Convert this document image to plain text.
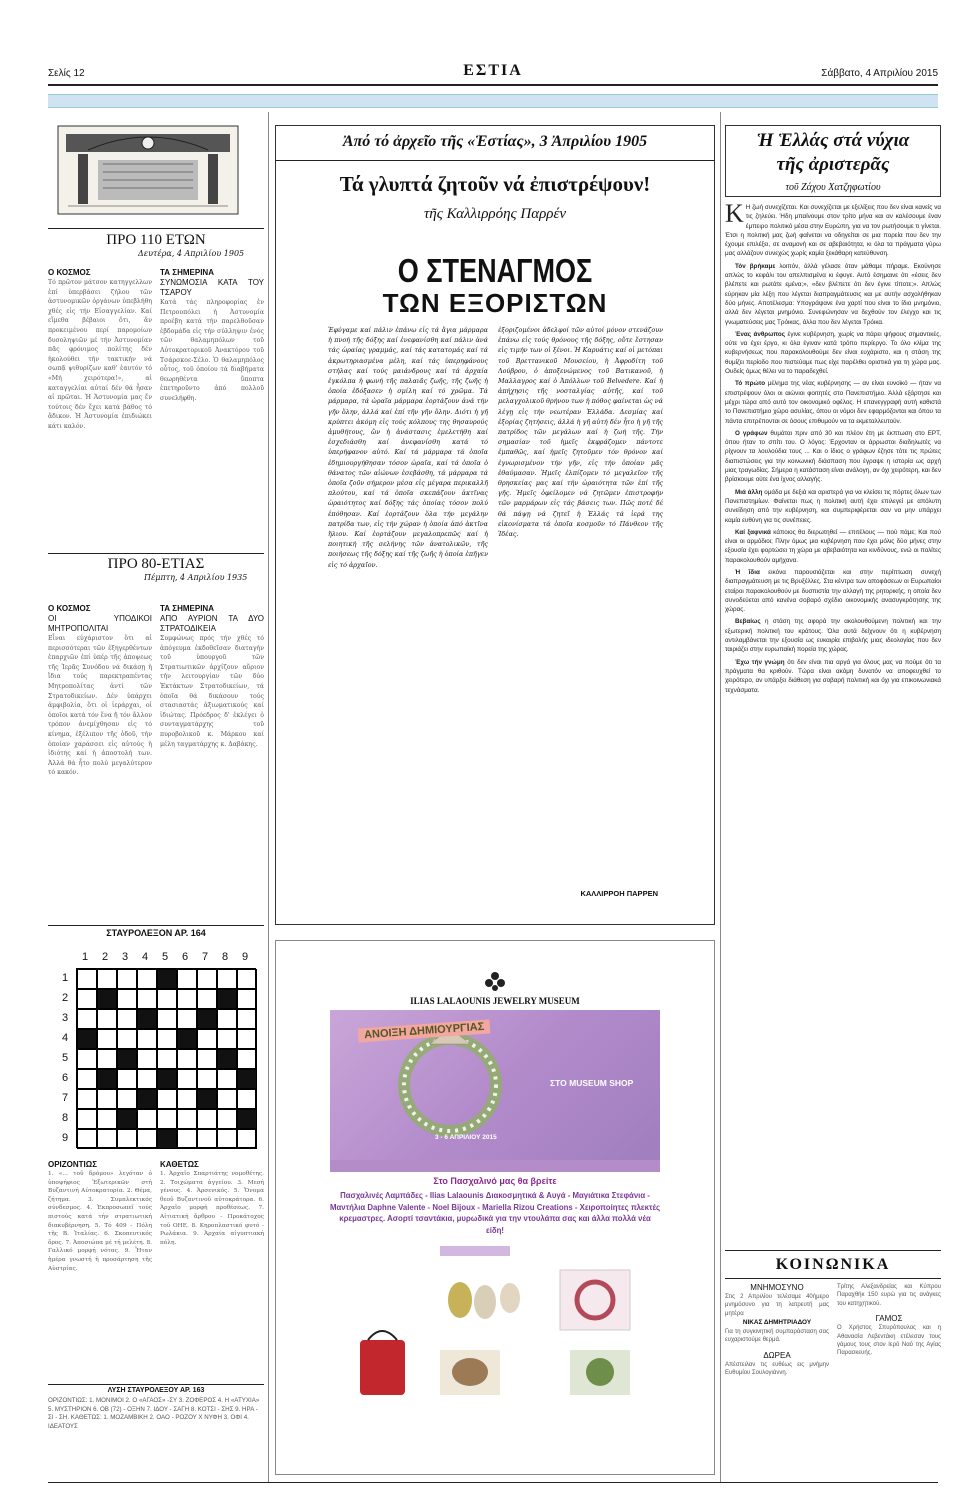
Σελίς 12	ΕΣΤΙΑ	Σάββατο, 4 Απριλίου 2015
ΠΡΟ 110 ΕΤΩΝ
Δευτέρα, 4 Απριλίου 1905
Ο ΚΟΣΜΟΣ

Τό πρῶτον μάτσον κατηγγελλων ἐπί ὑπερβάσει ζήλου τῶν ἀστυνομικῶν ὀργάνων ὑπεβλήθη χθές εἰς τήν Εἰσαγγελίαν. Καί εἴμεθα βέβαιοι ὅτι, ἄν προκειμένου περί παρομοίων δυσοληψιῶν μέ τήν Ἀστυνομίαν πᾶς φρόνιμος πολίτης δέν ἠκολούθει τήν τακτικήν νά σωπᾷ ψιθυρίζων καθ' ἑαυτόν τό «Μή χειρότερα!», αἱ καταγγελίαι αὐταί δέν θά ἦσαν αἱ πρῶται. Ἡ Ἀστυνομία μας ἔν τούτοις δέν ἔχει κατά βάθος τό ἄδικον. Ἡ Ἀστυνομία ἐπιδιώκει κάτι καλόν.

ΤΑ ΣΗΜΕΡΙΝΑ
ΣΥΝΩΜΟΣΙΑ ΚΑΤΑ ΤΟΥ ΤΣΑΡΟΥ

Κατά τάς πληροφορίας ἐν Πετρουπόλει ἡ Ἀστυνομία προέβη κατά τήν παρελθοῦσαν ἑβδομάδα εἰς τήν σύλληψιν ἑνός τῶν θαλαμηπόλων τοῦ Αὐτοκρατορικοῦ Ἀνακτόρου τοῦ Τσάρσκοε-Σέλο. Ὁ θαλαμηπόλος οὗτος, τοῦ ὁποίου τά διαβήματα θεωρηθέντα ὕποπτα ἐπετηροῦντο ἀπό πολλοῦ συνελήφθη.

ΠΡΟ 80-ΕΤΙΑΣ
Πέμπτη, 4 Απριλίου 1935
Ο ΚΟΣΜΟΣ
ΟΙ ΥΠΟΔΙΚΟΙ ΜΗΤΡΟΠΟΛΙΤΑΙ

Εἶναι εὐχάριστον ὅτι αἱ περισσότεραι τῶν ἐξηγερθέντων ἐπαρχιῶν ἐπί ὑπέρ τῆς ἀποψεως τῆς Ἱερᾶς Συνόδου νά δικάσῃ ἡ ἴδια τούς παρεκτραπέντας Μητροπολίτας ἀντί τῶν Στρατοδικείων. Δέν ὑπάρχει ἀμφιβολία, ὅτι οἱ ἱεράρχαι, οἱ ὁποῖοι κατά τόν ἕνα ἤ τόν ἄλλον τρόπον ἀνεμίχθησαν εἰς τό κίνημα, ἐξέλιπον τῆς ὁδοῦ, τήν ὁποίαν χαράσσει εἰς αὐτούς ἡ ἰδιότης καί ἡ ἀποστολή των. Ἀλλά θά ἦτο πολύ μεγαλύτερον τό κακόν.

ΤΑ ΣΗΜΕΡΙΝΑ
ΑΠΟ ΑΥΡΙΟΝ ΤΑ ΔΥΟ ΣΤΡΑΤΟΔΙΚΕΙΑ

Συμφώνως πρός τήν χθές τό ἀπόγευμα ἐκδοθεῖσαν διαταγήν τοῦ ὑπουργοῦ τῶν Στρατιωτικῶν ἀρχίζουν αὔριον τήν λειτουργίαν τῶν δύο Ἐκτάκτων Στρατοδικείων, τά ὁποῖα θά δικάσουν τούς στασιαστάς ἀξιωματικούς καί ἰδιώτας. Πρόεδρος δ' ἐκλέγει ὁ συνταγματάρχης τοῦ πυροβολικοῦ κ. Μάρκου καί μέλη ταγματάρχης κ. Δαβάκης.

ΣΤΑΥΡΟΛΕΞΟΝ ΑΡ. 164
1 2 3 4 5 6 7 8 9
1
2
3
4
5
6
7
8
9
ΟΡΙΖΟΝΤΙΩΣ

1. «... τοῦ δρόμου» λεγόταν ὁ ὑποψήφιος Ἐξωτερικῶν στή Βυζαντινή Αὐτοκρατορία. 2. Θέμα, ζήτημα. 3. Συμπλεκτικός σύνδεσμος. 4. Ἐκπροσωπεῖ τούς πιστούς κατά τήν στρατιωτική διακυβέρνηση. 5. Τό 409 - Πόλη τῆς Β. Ἰταλίας. 6. Σκοπευτικός ὅρος. 7. Ἀποσιώπα μέ τή μελέτη. 8. Γαλλικό μορφή νότας. 9. Ἦταν ἡμέρα γνωστή ἡ προσάρτηση τῆς Αὐστρίας.

ΚΑΘΕΤΩΣ

1. Ἀρχαῖο Σπαρτιάτης νομοθέτης. 2. Τοιχώματα ἀγγείου. 3. Μεσή γένους. 4. Ἀρσενικός. 5. Ὄνομα θεοῦ Βυζαντινοῦ αὐτοκράτορα. 6. Ἀρχαῖο μορφή προθέσεως. 7. Αἰτιατική ἄρθρου - Προκάτοχος τοῦ ΟΗΕ. 8. Κηροπλαστικό φυτό - Ρωλάκια. 9. Ἀρχαία αἰγυπτιακή πόλη.

ΛΥΣΗ ΣΤΑΥΡΟΛΕΞΟΥ ΑΡ. 163
ΟΡΙΖΟΝΤΙΩΣ: 1. ΜΟΝΙΜΟΙ 2. Ο «ΑΓΑΟΣ» -ΣΥ 3. ΖΟΦΕΡΟΣ 4. Η «ΑΤΥΧΙΑ» 5. ΜΥΣΤΗΡΙΟΝ 6. ΟΒ (72) - ΟΞΗΝ 7. ΙΔΟΥ - ΣΑΓΗ 8. ΚΟΤΣΙ - ΣΗΣ 9. ΗΡΑ - ΣΙ - ΣΗ. ΚΑΘΕΤΩΣ: 1. ΜΟΖΑΜΒΙΚΗ 2. ΟΑΟ - ΡΟΖΟΥ Χ ΝΥΦΗ 3. ΟΦΙ 4. ΙΔΕΑΤΟΥΣ
Ἀπό τό ἀρχεῖο τῆς «Ἑστίας», 3 Ἀπριλίου 1905
Τά γλυπτά ζητοῦν νά ἐπιστρέψουν!
τῆς Καλλιρρόης Παρρέν
Ο ΣΤΕΝΑΓΜΟΣ
ΤΩΝ ΕΞΟΡΙΣΤΩΝ
Ἐφύγαμε καί πάλιν ἐπάνω εἰς τά ἄγια μάρμαρα ἡ πνοή τῆς δόξης καί ἐνεφανίσθη καί πάλιν ἀνά τάς ὡραίας γραμμάς, καί τάς κατατομάς καί τά ἀκρωτηριασμένα μέλη, καί τάς ὑπερηφάνους στήλας καί τούς μαιάνδρους καί τά ἀρχαία ἐγκόλπα ἡ φωνή τῆς παλαιᾶς ζωῆς, τῆς ζωῆς ἡ ὁποία ἐδόξασεν ἡ σμίλη καί τό χρῶμα. Τά μάρμαρα, τά ὡραῖα μάρμαρα ἑορτάζουν ἀνά τήν γῆν ὅλην, ἀλλά καί ἐπί τῆν γῆν ὅλην. Διότι ἡ γῆ κρύπτει ἀκόμη εἰς τούς κόλπους της θησαυρούς ἀμυθήτους, ὥν ἡ ἀνάστασις ἐμελετήθη καί ἐσχεδιάσθη καί ἀνεφανίσθη κατά τό ὑπερήφανον αὐτό. Καί τά μάρμαρα τά ὁποῖα ἐδημιουργήθησαν τόσον ὡραῖα, καί τά ὁποῖα ὁ θάνατος τῶν αἰώνων ἐσεβάσθη, τά μάρμαρα τά ὁποῖα ζοῦν σήμερον μέσα εἰς μέγαρα περικαλλῆ πλούτου, καί τά ὁποῖα σκεπάζουν ἀκτῖνας ὡραιότητος καί δόξης τάς ὁποίας τόσον πολύ ἐπόθησαν. Καί ἑορτάζουν ὅλα τήν μεγάλην πατρίδα των, εἰς τήν χώραν ἡ ὁποία ἀπό ἀκτῖνα ἥλιου. Καί ἑορτάζουν μεγαλοπρεπῶς καί ἡ ποιητική τῆς σελήνης τῶν ἀνατολικῶν, τῆς ποιήσεως τῆς δόξης καί τῆς ζωῆς ἡ ὁποία ἐπῆγεν εἰς τό ἀρχαῖον.
ἐξοριζομένοι ἀδελφοί τῶν αὐτοί μόνον στενάζουν ἐπάνω εἰς τούς θρόνους τῆς δόξης, οὔτε ἔστησαν εἰς τιμήν των οἱ ξένοι. Ἡ Καρυάτις καί οἱ μετόπαι τοῦ Βρεττανικοῦ Μουσείου, ἡ Ἀφροδίτη τοῦ Λούβρου, ὁ ἀποξενώμενος τοῦ Βατικανοῦ, ἡ Μαλλαγρος καί ὁ Ἀπόλλων τοῦ Belvedere. Καί ἡ ἀπήχησις τῆς νοσταλγίας αὐτῆς, καί τοῦ μελαγχολικοῦ θρήνου των ἡ πόθος φαίνεται ὡς νά λέγῃ εἰς τήν νεωτέραν Ἑλλάδα. Δεσμίας καί ἐξορίας ζητήσεις, ἀλλά ἡ γῆ αὐτή δέν ἦτο ἡ γῆ τῆς πατρίδος τῶν μεγάλων καί ἡ ζωή τῆς. Τήν σημασίαν τοῦ ἡμεῖς ἐκφράζομεν πάντοτε ἐμπαθῶς, καί ἡμεῖς ζητοῦμεν τόν θρόνον καί ἐγνωρισμένον τήν γῆν, εἰς τήν ὁποίαν μᾶς ἐθαύμασαν. Ἡμεῖς ἐλπίζομεν τό μεγαλεῖον τῆς θρησκείας μας καί τήν ὡραιότητα τῶν ἐπί τῆς γῆς. Ἡμεῖς ὀφείλομεν νά ζητῶμεν ἐπιστροφήν τῶν μαρμάρων εἰς τάς βάσεις των. Πῶς ποτέ δέ θά πάψῃ νά ζητεῖ ἡ Ἑλλάς τά ἱερά της εἰκονίσματα τά ὁποῖα κοσμοῦν τό Πάνθεον τῆς Ἰδέας.
ΚΑΛΛΙΡΡΟΗ ΠΑΡΡΕΝ
ILIAS LALAOUNIS JEWELRY MUSEUM
ΑΝΟΙΞΗ ΔΗΜΙΟΥΡΓΙΑΣ
ΣΤΟ MUSEUM SHOP
3 - 6 ΑΠΡΙΛΙΟΥ 2015
Στο Πασχαλινό μας θα βρείτε
Πασχαλινές Λαμπάδες - Ilias Lalaounis Διακοσμητικά & Αυγά - Μαγιάτικα Στεφάνια - Μαντήλια Daphne Valente - Noel Bijoux - Mariella Rizou Creations - Χειροποίητες πλεκτές κρεμαστρες. Ασορτί τσαντάκια, μυρωδικά για την ντουλάπα σας και άλλα πολλά νέα είδη!
Ἡ Ἑλλάς στά νύχια
τῆς ἀριστερᾶς
τοῦ Ζάχου Χατζηφωτίου

Κ Η ζωή συνεχίζεται. Και συνεχίζεται με εξελίξεις που δεν είναι κανείς να τις ζηλεύει. Ήδη μπαίνουμε στον τρίτο μήνα και αν καλέσουμε έναν έμπειρο πολιτικό μέσα στην Ευρώπη, για να τον ρωτήσουμε τι γίνεται. Έτσι η πολιτική μας ζωή φαίνεται να οδηγείται σε μια πορεία που δεν την έχουμε επιλέξει, σε αναμονή και σε αβεβαιότητα, κι όλα τα πράγματα γύρω μας αλλάζουν συνεχώς χωρίς καμία ξεκάθαρη κατεύθυνση.

Τόν βρήκαμε λοιπόν, άλλά γέλασε όταν μάθαμε πήραμε. Εκούνησε απλώς το κεφάλι του απελπισμένα κι έφυγε. Αυτό έσημαινε ότι «έσεις δεν βλέπετε και ρωτάτε εμένα;», «δεν βλέπετε ότι δεν έγινε τίποτε;». Απλώς εύρηκαν μία λέξη που λέγεται διαπραγμάτευσις και με αυτήν ασχολήθηκαν δύο μήνες. Αποτέλεσμα: Υπογράψανε ένα χαρτί που είναι το ίδιο μνημόνιο, αλλά δεν λέγεται μνημόνιο. Συνεφώνησαν να δεχθούν τον έλεγχο και τις γνωματεύσεις μας Τρόικας, άλλα που δεν λέγεται Τρόικα.

Ένας άνθρωπος έγινε κυβέρνηση, χωρίς να πάρει ψήφους σημαντικές, ούτε να έχει έργο, κι όλα έγιναν κατά τρόπο περίεργο. Το όλο κλίμα της κυβερνήσεως που παρακολουθούμε δεν είναι ευχάριστο, και η στάση της θυμίζει περίοδο που πιστεύαμε πως είχε παρέλθει οριστικά για τη χώρα μας. Ουδείς όμως θέλει να το παραδεχθεί.

Τό πρώτο μέλημα της νέας κυβέρνησης — αν είναι ευνοϊκό — ήταν να επιστρέψουν όλοι οι αιώνιοι φοιτητές στο Πανεπιστήμιο. Άλλά εξάρτησε και μέχρι τώρα από αυτό τον οικονομικό οφέλος. Η επανεγγραφή αυτή καθιστά το Πανεπιστήμιο χώρο ασυλίας, όπου οι νόμοι δεν εφαρμόζονται και όπου τα πάντα επιτρέπονται σε όσους επιθυμούν να τα εκμεταλλευτούν.

Ο γράφων θυμάται πριν από 30 και πλέον έτη με έκπτωση στο ΕΡΤ, όπου ήταν το σπίτι του. Ο λόγος: Έρχονταν οι άρρωστοι διαδηλωτές να ρίχνουν τα λουλούδια τους ... Και ο ίδιος ο γράφων έζησε τότε τις πρώτες διαπιστώσεις για την κοινωνική διάσπαση που έγραψε η ιστορία ως αρχή μιας τραγωδίας. Σήμερα η κατάσταση είναι ανάλογη, αν όχι χειρότερη, και δεν βρίσκουμε ούτε ένα ίχνος αλλαγής.

Μιά άλλη ομάδα με δεξιά και αριστερά για να κλείσει τις πόρτες όλων των Πανεπιστημίων. Φαίνεται πως η πολιτική αυτή έχει επιλεγεί με απόλυτη συνείδηση από την κυβέρνηση, και συμπεριφέρεται σαν να μην υπάρχει καμία ευθύνη για τις συνέπειες.

Καί ξαφνικά κάποιος θα διερωτηθεί — επιτέλους — πού πάμε; Και πού είναι οι αρμόδιοι; Πλην όμως μια κυβέρνηση που έχει μόλις δύο μήνες στην εξουσία έχει φορτώσει τη χώρα με αβεβαιότητα και κινδύνους, ενώ οι πολίτες παρακολουθούν αμήχανα.

Ἡ ἴδια εικόνα παρουσιάζεται και στην περίπτωση συνεχή διαπραγμάτευση με τις Βρυξέλλες. Στα κέντρα των αποφάσεων οι Ευρωπαίοι εταίροι παρακολουθούν με δυσπιστία την αλλαγή της ρητορικής, η οποία δεν συνοδεύεται από κανένα σοβαρό σχέδιο οικονομικής ανασυγκρότησης της χώρας.

Βεβαίως η στάση της αφορά την ακολουθούμενη πολιτική και την εξωτερική πολιτική του κράτους. Όλα αυτά δείχνουν ότι η κυβέρνηση αντιλαμβάνεται την εξουσία ως ευκαιρία επιβολής μιας ιδεολογίας που δεν ταιριάζει στην ευρωπαϊκή πορεία της χώρας.

Έχω τήν γνώμη ότι δεν είναι πια αργά για όλους μας να πούμε ότι τα πράγματα θα κριθούν. Τώρα είναι ακόμη δυνατόν να αποφευχθεί το χειρότερο, αν υπάρξει διάθεση για σοβαρή πολιτική και όχι για επικοινωνιακά τεχνάσματα.

ΚΟΙΝΩΝΙΚΑ
ΜΝΗΜΟΣΥΝΟ

Στις 2 Απριλίου τελέσαμε 40ήμερο μνημόσυνο για τη λατρευτή μας μητέρα

ΝΙΚΑΣ ΔΗΜΗΤΡΙΑΔΟΥ

Για τη συγκινητική συμπαράσταση σας ευχαριστούμε θερμά.

ΔΩΡΕΑ

Απέστειλαν τις ευθέως εις μνήμην Ευθυμίου Σουλογιάννη.

Τρίτης Αλεξανδρείας και Κύπρου Παραχθήκ 150 ευρώ για τις ανάγκες του κατηχητικού.

ΓΑΜΟΣ

Ο Χρήστος Σπυρόπουλος και η Αθανασία Λεβεντάκη ετέλεσαν τους γάμους τους στον Ιερό Ναό της Αγίας Παρασκευής.
